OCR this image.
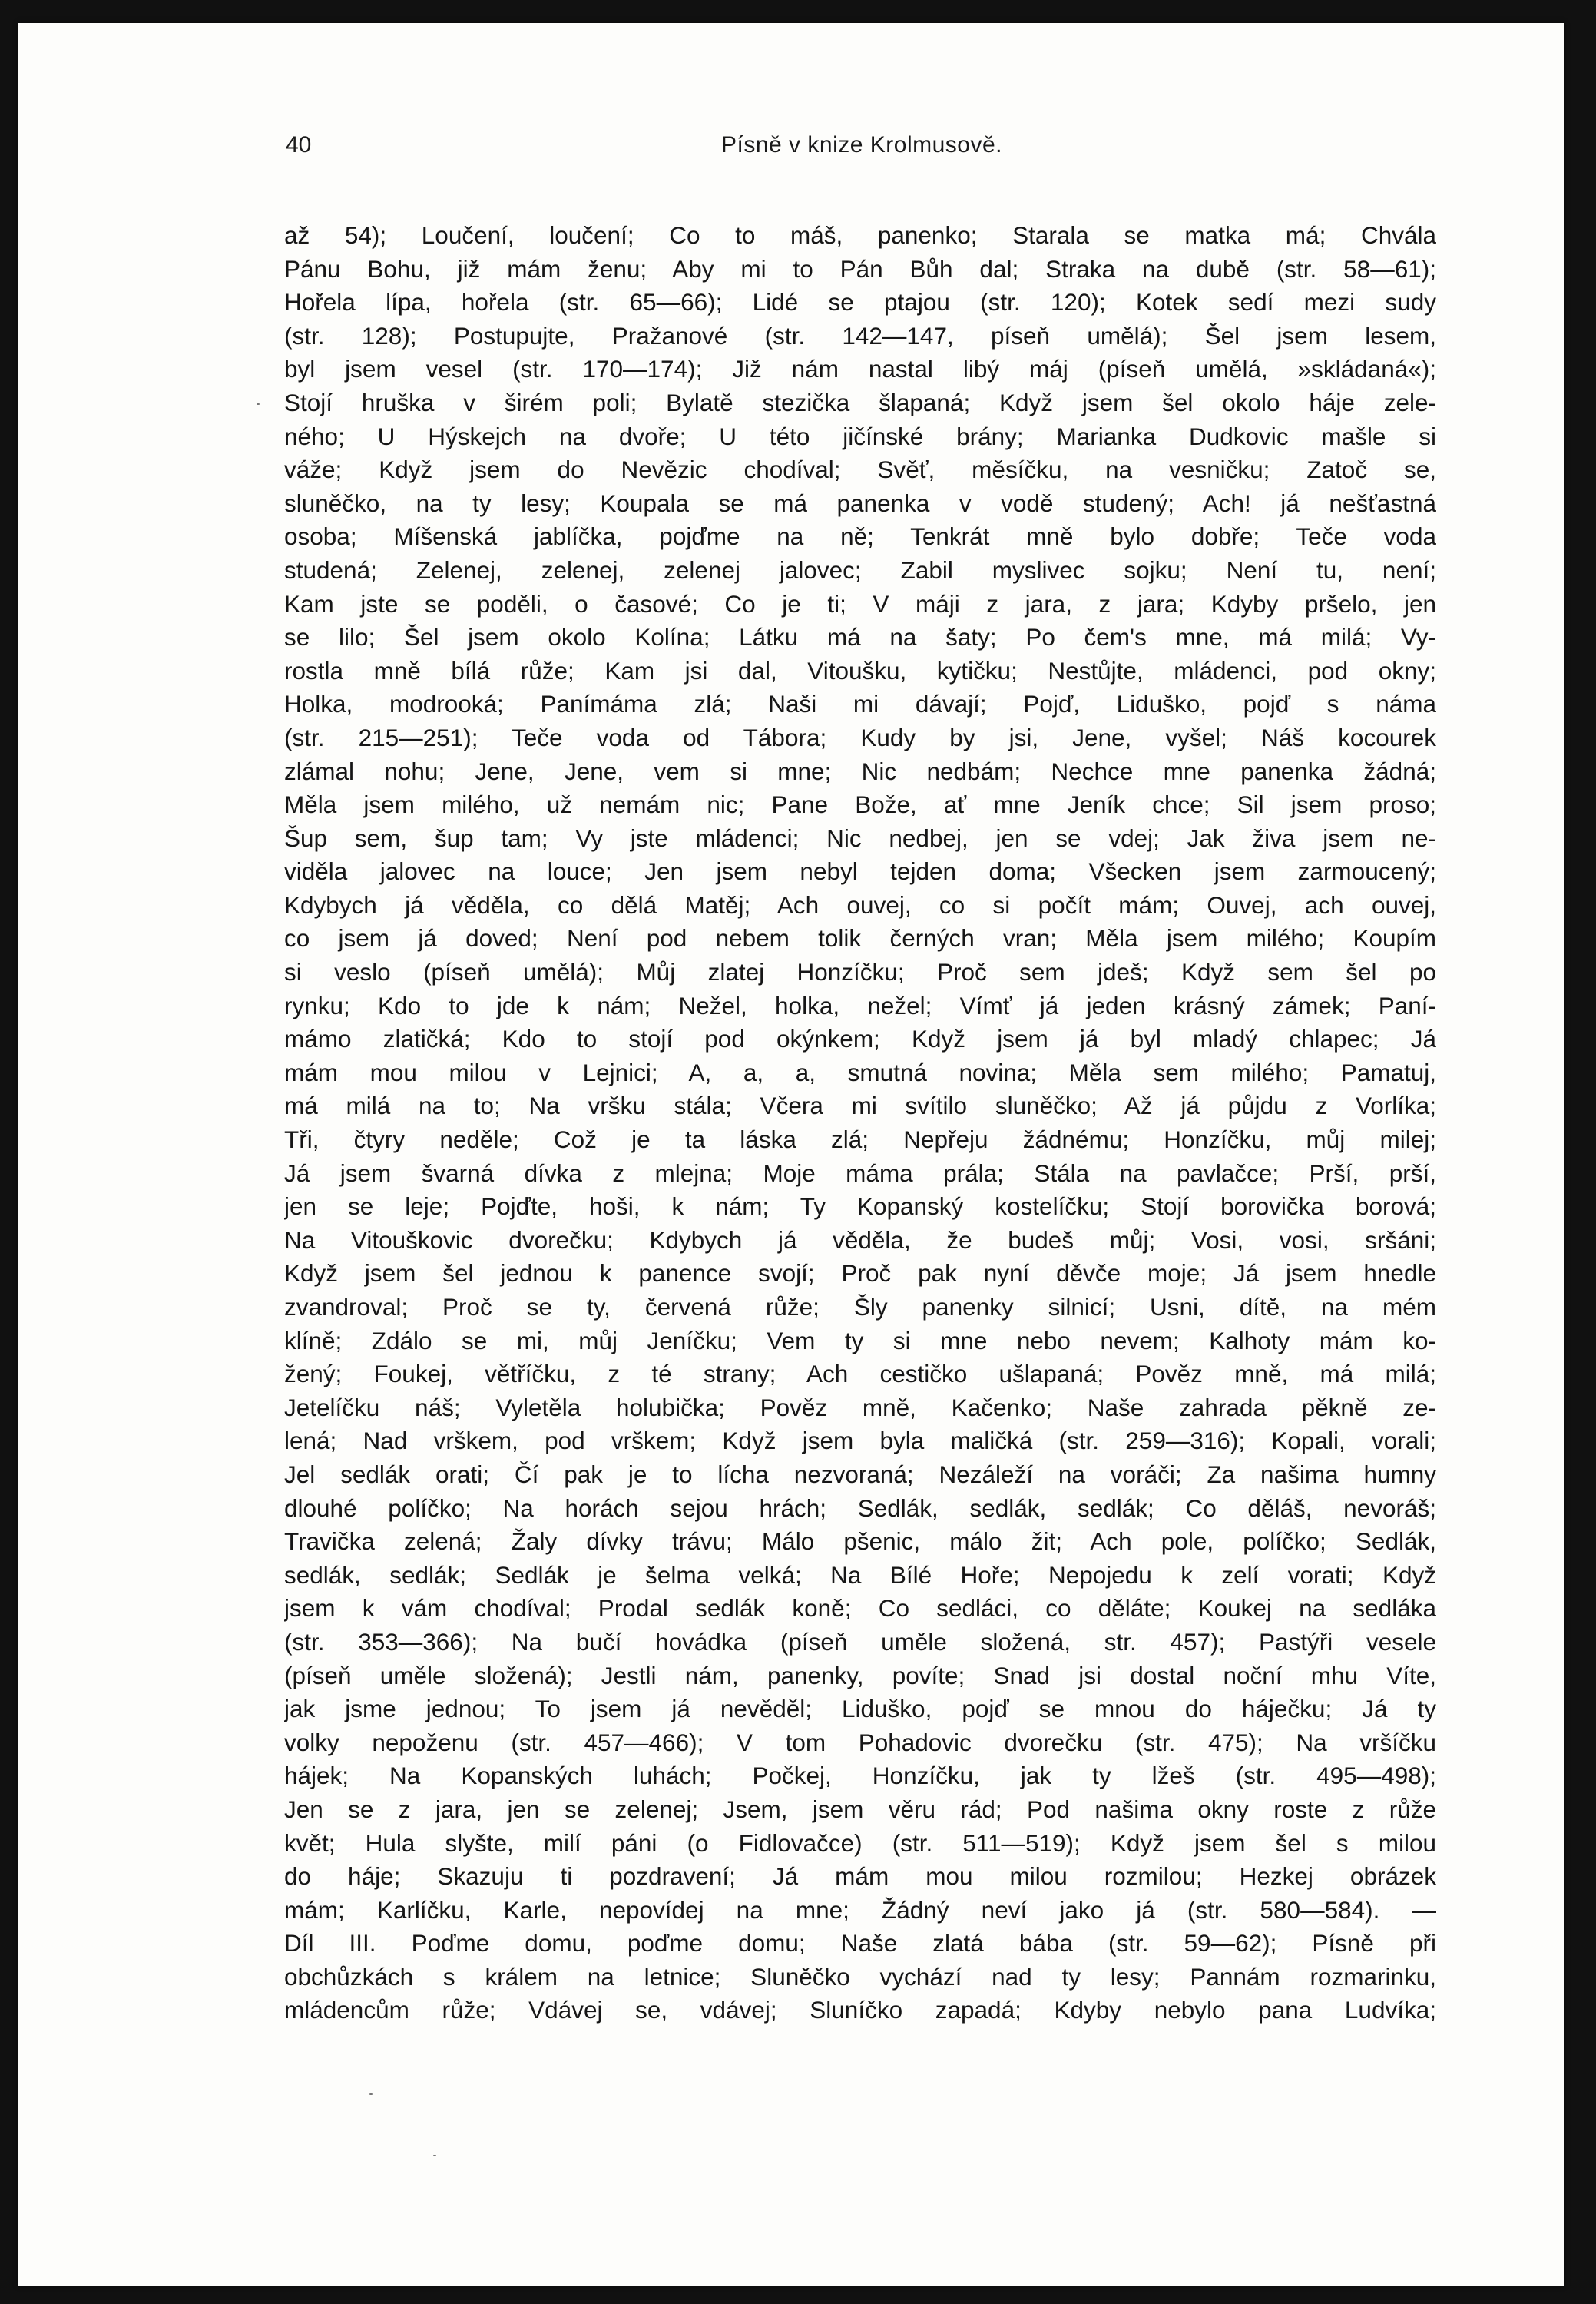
40	Písně v knize Krolmusově.
až 54); Loučení, loučení; Co to máš, panenko; Starala se matka má; Chvála
Pánu Bohu, již mám ženu; Aby mi to Pán Bůh dal; Straka na dubě (str. 58—61);
Hořela lípa, hořela (str. 65—66); Lidé se ptajou (str. 120); Kotek sedí mezi sudy
(str. 128); Postupujte, Pražanové (str. 142—147, píseň umělá); Šel jsem lesem,
byl jsem vesel (str. 170—174); Již nám nastal libý máj (píseň umělá, »skládaná«);
Stojí hruška v širém poli; Bylatě stezička šlapaná; Když jsem šel okolo háje zele-
ného; U Hýskejch na dvoře; U této jičínské brány; Marianka Dudkovic mašle si
váže; Když jsem do Nevězic chodíval; Svěť, měsíčku, na vesničku; Zatoč se,
sluněčko, na ty lesy; Koupala se má panenka v vodě studený; Ach! já nešťastná
osoba; Míšenská jablíčka, pojďme na ně; Tenkrát mně bylo dobře; Teče voda
studená; Zelenej, zelenej, zelenej jalovec; Zabil myslivec sojku; Není tu, není;
Kam jste se poděli, o časové; Co je ti; V máji z jara, z jara; Kdyby pršelo, jen
se lilo; Šel jsem okolo Kolína; Látku má na šaty; Po čem's mne, má milá; Vy-
rostla mně bílá růže; Kam jsi dal, Vitoušku, kytičku; Nestůjte, mládenci, pod okny;
Holka, modrooká; Panímáma zlá; Naši mi dávají; Pojď, Liduško, pojď s náma
(str. 215—251); Teče voda od Tábora; Kudy by jsi, Jene, vyšel; Náš kocourek
zlámal nohu; Jene, Jene, vem si mne; Nic nedbám; Nechce mne panenka žádná;
Měla jsem milého, už nemám nic; Pane Bože, ať mne Jeník chce; Sil jsem proso;
Šup sem, šup tam; Vy jste mládenci; Nic nedbej, jen se vdej; Jak živa jsem ne-
viděla jalovec na louce; Jen jsem nebyl tejden doma; Všecken jsem zarmoucený;
Kdybych já věděla, co dělá Matěj; Ach ouvej, co si počít mám; Ouvej, ach ouvej,
co jsem já doved; Není pod nebem tolik černých vran; Měla jsem milého; Koupím
si veslo (píseň umělá); Můj zlatej Honzíčku; Proč sem jdeš; Když sem šel po
rynku; Kdo to jde k nám; Nežel, holka, nežel; Vímť já jeden krásný zámek; Paní-
mámo zlatičká; Kdo to stojí pod okýnkem; Když jsem já byl mladý chlapec; Já
mám mou milou v Lejnici; A, a, a, smutná novina; Měla sem milého; Pamatuj,
má milá na to; Na vršku stála; Včera mi svítilo sluněčko; Až já půjdu z Vorlíka;
Tři, čtyry neděle; Což je ta láska zlá; Nepřeju žádnému; Honzíčku, můj milej;
Já jsem švarná dívka z mlejna; Moje máma prála; Stála na pavlačce; Prší, prší,
jen se leje; Pojďte, hoši, k nám; Ty Kopanský kostelíčku; Stojí borovička borová;
Na Vitouškovic dvorečku; Kdybych já věděla, že budeš můj; Vosi, vosi, sršáni;
Když jsem šel jednou k panence svojí; Proč pak nyní děvče moje; Já jsem hnedle
zvandroval; Proč se ty, červená růže; Šly panenky silnicí; Usni, dítě, na mém
klíně; Zdálo se mi, můj Jeníčku; Vem ty si mne nebo nevem; Kalhoty mám ko-
žený; Foukej, větříčku, z té strany; Ach cestičko ušlapaná; Pověz mně, má milá;
Jetelíčku náš; Vyletěla holubička; Pověz mně, Kačenko; Naše zahrada pěkně ze-
lená; Nad vrškem, pod vrškem; Když jsem byla maličká (str. 259—316); Kopali, vorali;
Jel sedlák orati; Čí pak je to lícha nezvoraná; Nezáleží na voráči; Za našima humny
dlouhé políčko; Na horách sejou hrách; Sedlák, sedlák, sedlák; Co děláš, nevoráš;
Travička zelená; Žaly dívky trávu; Málo pšenic, málo žit; Ach pole, políčko; Sedlák,
sedlák, sedlák; Sedlák je šelma velká; Na Bílé Hoře; Nepojedu k zelí vorati; Když
jsem k vám chodíval; Prodal sedlák koně; Co sedláci, co děláte; Koukej na sedláka
(str. 353—366); Na bučí hovádka (píseň uměle složená, str. 457); Pastýři vesele
(píseň uměle složená); Jestli nám, panenky, povíte; Snad jsi dostal noční mhu Víte,
jak jsme jednou; To jsem já nevěděl; Liduško, pojď se mnou do háječku; Já ty
volky nepoženu (str. 457—466); V tom Pohadovic dvorečku (str. 475); Na vršíčku
hájek; Na Kopanských luhách; Počkej, Honzíčku, jak ty lžeš (str. 495—498);
Jen se z jara, jen se zelenej; Jsem, jsem věru rád; Pod našima okny roste z růže
květ; Hula slyšte, milí páni (o Fidlovačce) (str. 511—519); Když jsem šel s milou
do háje; Skazuju ti pozdravení; Já mám mou milou rozmilou; Hezkej obrázek
mám; Karlíčku, Karle, nepovídej na mne; Žádný neví jako já (str. 580—584). —
Díl III. Poďme domu, poďme domu; Naše zlatá bába (str. 59—62); Písně při
obchůzkách s králem na letnice; Sluněčko vychází nad ty lesy; Pannám rozmarinku,
mládencům růže; Vdávej se, vdávej; Sluníčko zapadá; Kdyby nebylo pana Ludvíka;
